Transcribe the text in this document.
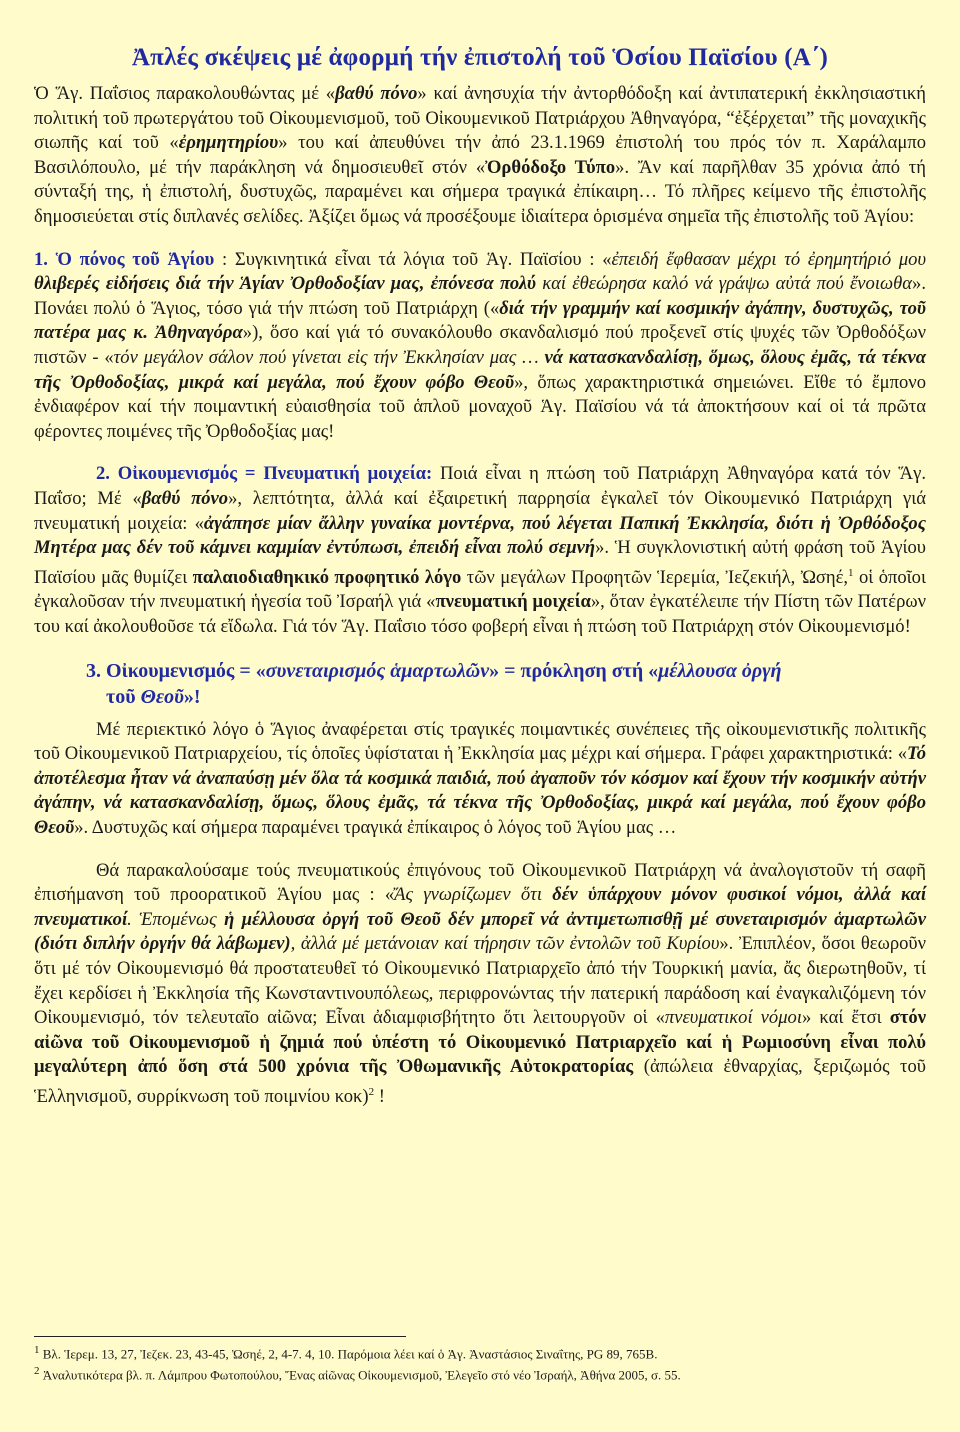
Ἀπλές σκέψεις μέ ἀφορμή τήν ἐπιστολή τοῦ Ὁσίου Παϊσίου (Α΄)

Ὁ Ἅγ. Παΐσιος παρακολουθώντας μέ «βαθύ πόνο» καί ἀνησυχία τήν ἀντορθόδοξη καί ἀντιπατερική ἐκκλησιαστική πολιτική τοῦ πρωτεργάτου τοῦ Οἰκουμενισμοῦ, τοῦ Οἰκουμενικοῦ Πατριάρχου Ἀθηναγόρα, “ἐξέρχεται” τῆς μοναχικῆς σιωπῆς καί τοῦ «ἐρημητηρίου» του καί ἀπευθύνει τήν ἀπό 23.1.1969 ἐπιστολή του πρός τόν π. Χαράλαμπο Βασιλόπουλο, μέ τήν παράκληση νά δημοσιευθεῖ στόν «Ὀρθόδοξο Τύπο». Ἄν καί παρῆλθαν 35 χρόνια ἀπό τή σύνταξή της, ἡ ἐπιστολή, δυστυχῶς, παραμένει και σήμερα τραγικά ἐπίκαιρη… Τό πλῆρες κείμενο τῆς ἐπιστολῆς δημοσιεύεται στίς διπλανές σελίδες. Ἀξίζει ὅμως νά προσέξουμε ἰδιαίτερα ὁρισμένα σημεῖα τῆς ἐπιστολῆς τοῦ Ἁγίου:

1. Ὁ πόνος τοῦ Ἁγίου : Συγκινητικά εἶναι τά λόγια τοῦ Ἁγ. Παϊσίου : «ἐπειδή ἔφθασαν μέχρι τό ἐρημητήριό μου θλιβερές εἰδήσεις διά τήν Ἁγίαν Ὀρθοδοξίαν μας, ἐπόνεσα πολύ καί ἐθεώρησα καλό νά γράψω αὐτά πού ἔνοιωθα». Πονάει πολύ ὁ Ἅγιος, τόσο γιά τήν πτώση τοῦ Πατριάρχη («διά τήν γραμμήν καί κοσμικήν ἀγάπην, δυστυχῶς, τοῦ πατέρα μας κ. Ἀθηναγόρα»), ὅσο καί γιά τό συνακόλουθο σκανδαλισμό πού προξενεῖ στίς ψυχές τῶν Ὀρθοδόξων πιστῶν - «τόν μεγάλον σάλον πού γίνεται εἰς τήν Ἐκκλησίαν μας … νά κατασκανδαλίσῃ, ὅμως, ὅλους ἐμᾶς, τά τέκνα τῆς Ὀρθοδοξίας, μικρά καί μεγάλα, πού ἔχουν φόβο Θεοῦ», ὅπως χαρακτηριστικά σημειώνει. Εἴθε τό ἔμπονο ἐνδιαφέρον καί τήν ποιμαντική εὐαισθησία τοῦ ἁπλοῦ μοναχοῦ Ἁγ. Παϊσίου νά τά ἀποκτήσουν καί οἱ τά πρῶτα φέροντες ποιμένες τῆς Ὀρθοδοξίας μας!

2. Οἰκουμενισμός = Πνευματική μοιχεία: Ποιά εἶναι η πτώση τοῦ Πατριάρχη Ἀθηναγόρα κατά τόν Ἅγ. Παΐσο; Μέ «βαθύ πόνο», λεπτότητα, ἀλλά καί ἐξαιρετική παρρησία ἐγκαλεῖ τόν Οἰκουμενικό Πατριάρχη γιά πνευματική μοιχεία: «ἀγάπησε μίαν ἄλλην γυναίκα μοντέρνα, πού λέγεται Παπική Ἐκκλησία, διότι ἡ Ὀρθόδοξος Μητέρα μας δέν τοῦ κάμνει καμμίαν ἐντύπωσι, ἐπειδή εἶναι πολύ σεμνή». Ἡ συγκλονιστική αὐτή φράση τοῦ Ἁγίου Παϊσίου μᾶς θυμίζει παλαιοδιαθηκικό προφητικό λόγο τῶν μεγάλων Προφητῶν Ἱερεμία, Ἰεζεκιήλ, Ὠσηέ,$^1$ οἱ ὁποῖοι ἐγκαλοῦσαν τήν πνευματική ἡγεσία τοῦ Ἰσραήλ γιά «πνευματική μοιχεία», ὅταν ἐγκατέλειπε τήν Πίστη τῶν Πατέρων του καί ἀκολουθοῦσε τά εἴδωλα. Γιά τόν Ἅγ. Παΐσιο τόσο φοβερή εἶναι ἡ πτώση τοῦ Πατριάρχη στόν Οἰκουμενισμό!

3. Οἰκουμενισμός = «συνεταιρισμός ἁμαρτωλῶν» = πρόκληση στή «μέλλουσα ὀργή
τοῦ Θεοῦ»!

Μέ περιεκτικό λόγο ὁ Ἅγιος ἀναφέρεται στίς τραγικές ποιμαντικές συνέπειες τῆς οἰκουμενιστικῆς πολιτικῆς τοῦ Οἰκουμενικοῦ Πατριαρχείου, τίς ὁποῖες ὑφίσταται ἡ Ἐκκλησία μας μέχρι καί σήμερα. Γράφει χαρακτηριστικά: «Τό ἀποτέλεσμα ἦταν νά ἀναπαύσῃ μέν ὅλα τά κοσμικά παιδιά, πού ἀγαποῦν τόν κόσμον καί ἔχουν τήν κοσμικήν αὐτήν ἀγάπην, νά κατασκανδαλίσῃ, ὅμως, ὅλους ἐμᾶς, τά τέκνα τῆς Ὀρθοδοξίας, μικρά καί μεγάλα, πού ἔχουν φόβο Θεοῦ». Δυστυχῶς καί σήμερα παραμένει τραγικά ἐπίκαιρος ὁ λόγος τοῦ Ἁγίου μας …

Θά παρακαλούσαμε τούς πνευματικούς ἐπιγόνους τοῦ Οἰκουμενικοῦ Πατριάρχη νά ἀναλογιστοῦν τή σαφῆ ἐπισήμανση τοῦ προορατικοῦ Ἁγίου μας : «Ἄς γνωρίζωμεν ὅτι δέν ὑπάρχουν μόνον φυσικοί νόμοι, ἀλλά καί πνευματικοί. Ἑπομένως ἡ μέλλουσα ὀργή τοῦ Θεοῦ δέν μπορεῖ νά ἀντιμετωπισθῇ μέ συνεταιρισμόν ἁμαρτωλῶν (διότι διπλήν ὀργήν θά λάβωμεν), ἀλλά μέ μετάνοιαν καί τήρησιν τῶν ἐντολῶν τοῦ Κυρίου». Ἐπιπλέον, ὅσοι θεωροῦν ὅτι μέ τόν Οἰκουμενισμό θά προστατευθεῖ τό Οἰκουμενικό Πατριαρχεῖο ἀπό τήν Τουρκική μανία, ἄς διερωτηθοῦν, τί ἔχει κερδίσει ἡ Ἐκκλησία τῆς Κωνσταντινουπόλεως, περιφρονώντας τήν πατερική παράδοση καί ἐναγκαλιζόμενη τόν Οἰκουμενισμό, τόν τελευταῖο αἰῶνα; Εἶναι ἀδιαμφισβήτητο ὅτι λειτουργοῦν οἱ «πνευματικοί νόμοι» καί ἔτσι στόν αἰῶνα τοῦ Οἰκουμενισμοῦ ἡ ζημιά πού ὑπέστη τό Οἰκουμενικό Πατριαρχεῖο καί ἡ Ρωμιοσύνη εἶναι πολύ μεγαλύτερη ἀπό ὅση στά 500 χρόνια τῆς Ὀθωμανικῆς Αὐτοκρατορίας (ἀπώλεια ἐθναρχίας, ξεριζωμός τοῦ Ἑλληνισμοῦ, συρρίκνωση τοῦ ποιμνίου κοκ)$^2$ !

$^1$ Βλ. Ἱερεμ. 13, 27, Ἰεζεκ. 23, 43-45, Ὠσηέ, 2, 4-7. 4, 10. Παρόμοια λέει καί ὁ Ἁγ. Ἀναστάσιος Σιναΐτης, PG 89, 765Β.
$^2$ Ἀναλυτικότερα βλ. π. Λάμπρου Φωτοπούλου, Ἕνας αἰῶνας Οἰκουμενισμοῦ, Ἐλεγεῖο στό νέο Ἰσραήλ, Ἀθήνα 2005, σ. 55.
